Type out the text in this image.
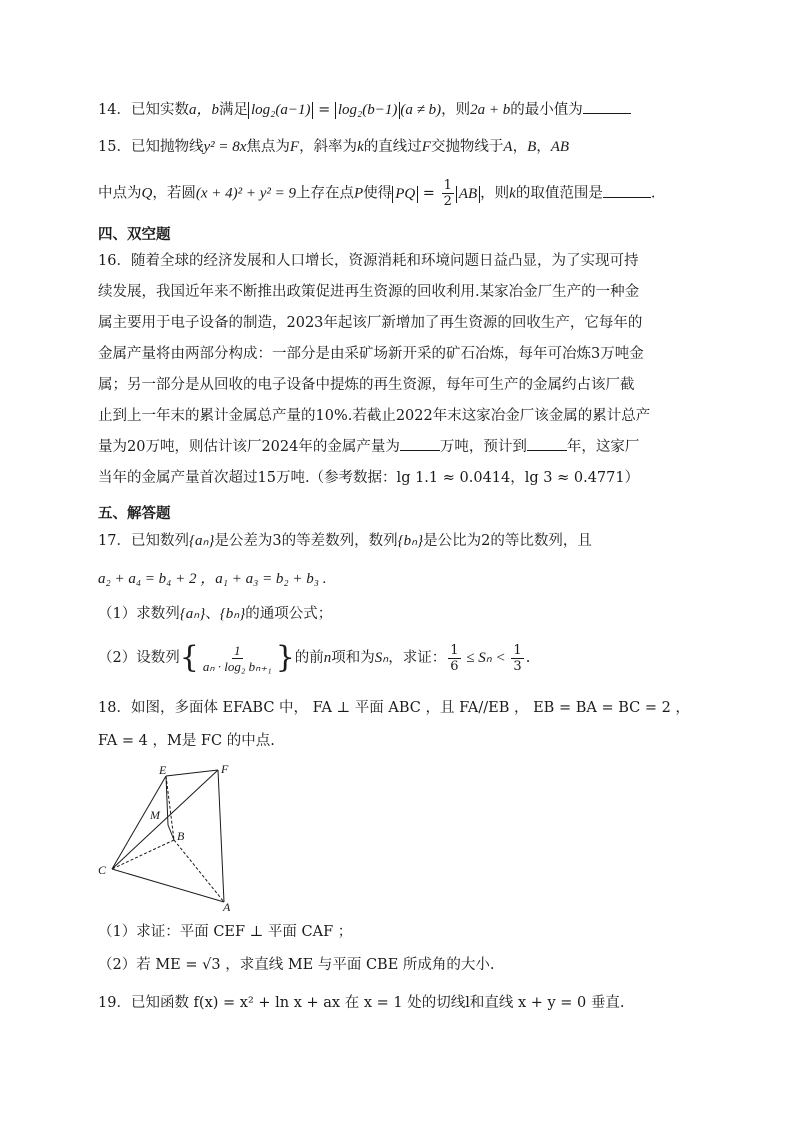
14．已知实数a，b满足 log₂(a−1) = log₂(b−1) (a ≠ b)，则2a + b的最小值为
15．已知抛物线y² = 8x焦点为F，斜率为k的直线过F交抛物线于A，B，AB
中点为Q，若圆(x + 4)² + y² = 9上存在点P使得 PQ = $\frac{1}{2}$ AB ，则k的取值范围是	.
四、双空题
16．随着全球的经济发展和人口增长，资源消耗和环境问题日益凸显，为了实现可持
续发展，我国近年来不断推出政策促进再生资源的回收利用.某家冶金厂生产的一种金
属主要用于电子设备的制造，2023年起该厂新增加了再生资源的回收生产，它每年的
金属产量将由两部分构成：一部分是由采矿场新开采的矿石冶炼，每年可冶炼3万吨金
属；另一部分是从回收的电子设备中提炼的再生资源，每年可生产的金属约占该厂截
止到上一年末的累计金属总产量的10%.若截止2022年末这家冶金厂该金属的累计总产
量为20万吨，则估计该厂2024年的金属产量为	万吨，预计到	年，这家厂
当年的金属产量首次超过15万吨.（参考数据：lg 1.1 ≈ 0.0414，lg 3 ≈ 0.4771）
五、解答题
17．已知数列{aₙ}是公差为3的等差数列，数列{bₙ}是公比为2的等比数列，且
a₂ + a₄ = b₄ + 2 ，a₁ + a₃ = b₂ + b₃ .
（1）求数列{aₙ}、{bₙ}的通项公式；
（2）设数列{ $\frac{1}{\text{aₙ · log₂ bₙ₊₁}}$ }的前n项和为Sₙ，求证： $\frac{1}{6} \le S_n < \frac{1}{3}$ .
18．如图，多面体 EFABC 中， FA ⊥ 平面 ABC ，且 FA//EB ， EB = BA = BC = 2 ，
FA = 4 ，M是 FC 的中点.
E	F
M
B
C
A
（1）求证：平面 CEF ⊥ 平面 CAF ；
（2）若 ME = √3 ，求直线 ME 与平面 CBE 所成角的大小.
19．已知函数 f(x) = x² + ln x + ax 在 x = 1 处的切线l和直线 x + y = 0 垂直.
